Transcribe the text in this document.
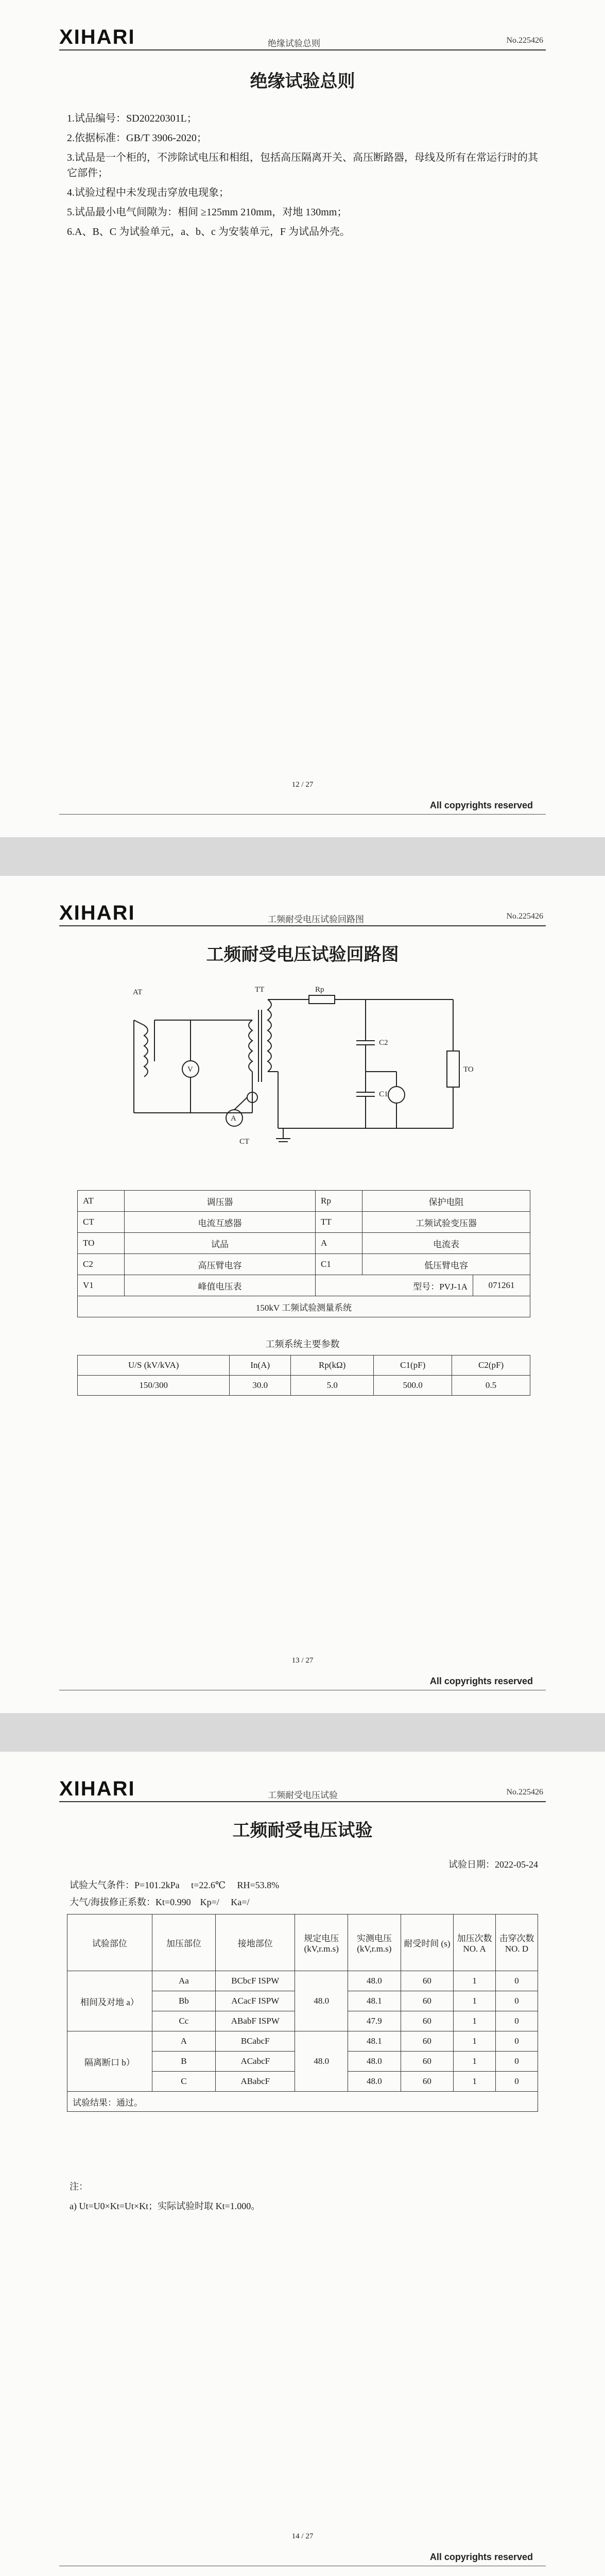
XIHARI	绝缘试验总则	No.225426
绝缘试验总则

1.试品编号：SD20220301L；

2.依据标准：GB/T 3906-2020；

3.试品是一个柜的，不涉除试电压和相组，包括高压隔离开关、高压断路器，母线及所有在常运行时的其它部件；

4.试验过程中未发现击穿放电现象；

5.试品最小电气间隙为：相间 ≥125mm 210mm，对地 130mm；

6.A、B、C 为试验单元，a、b、c 为安装单元，F 为试品外壳。

12 / 27
All copyrights reserved
XIHARI	工频耐受电压试验回路图	No.225426
工频耐受电压试验回路图
AT	TT	Rp
V
A
CT
C2
C1
TO
AT	调压器	Rp	保护电阻	
CT	电流互感器	TT	工频试验变压器	
TO	试品	A	电流表	
C2	高压臂电容	C1	低压臂电容	
V1	峰值电压表	型号：PVJ-1A		071261
150kV 工频试验测量系统				
工频系统主要参数
U/S (kV/kVA)	In(A)	Rp(kΩ)	C1(pF)	C2(pF)
150/300	30.0	5.0	500.0	0.5
13 / 27
All copyrights reserved
XIHARI	工频耐受电压试验	No.225426
工频耐受电压试验
试验日期：2022-05-24
试验大气条件：P=101.2kPa　 t=22.6℃　 RH=53.8%
大气/海拔修正系数：Kt=0.990　Kp=/　 Ka=/
试验部位	加压部位	接地部位	规定电压 (kV,r.m.s)	实测电压 (kV,r.m.s)	耐受时间 (s)	加压次数 NO. A	击穿次数 NO. D
相间及对地 a）	Aa	BCbcF ISPW	48.0	48.0	60	1	0
	Bb	ACacF ISPW		48.1	60	1	0
	Cc	ABabF ISPW		47.9	60	1	0
隔离断口 b）	A	BCabcF	48.0	48.1	60	1	0
	B	ACabcF		48.0	60	1	0
	C	ABabcF		48.0	60	1	0
试验结果：通过。							
注：
a) Ut=U0×Kt=Ut×Kt；实际试验时取 Kt=1.000。
14 / 27
All copyrights reserved
